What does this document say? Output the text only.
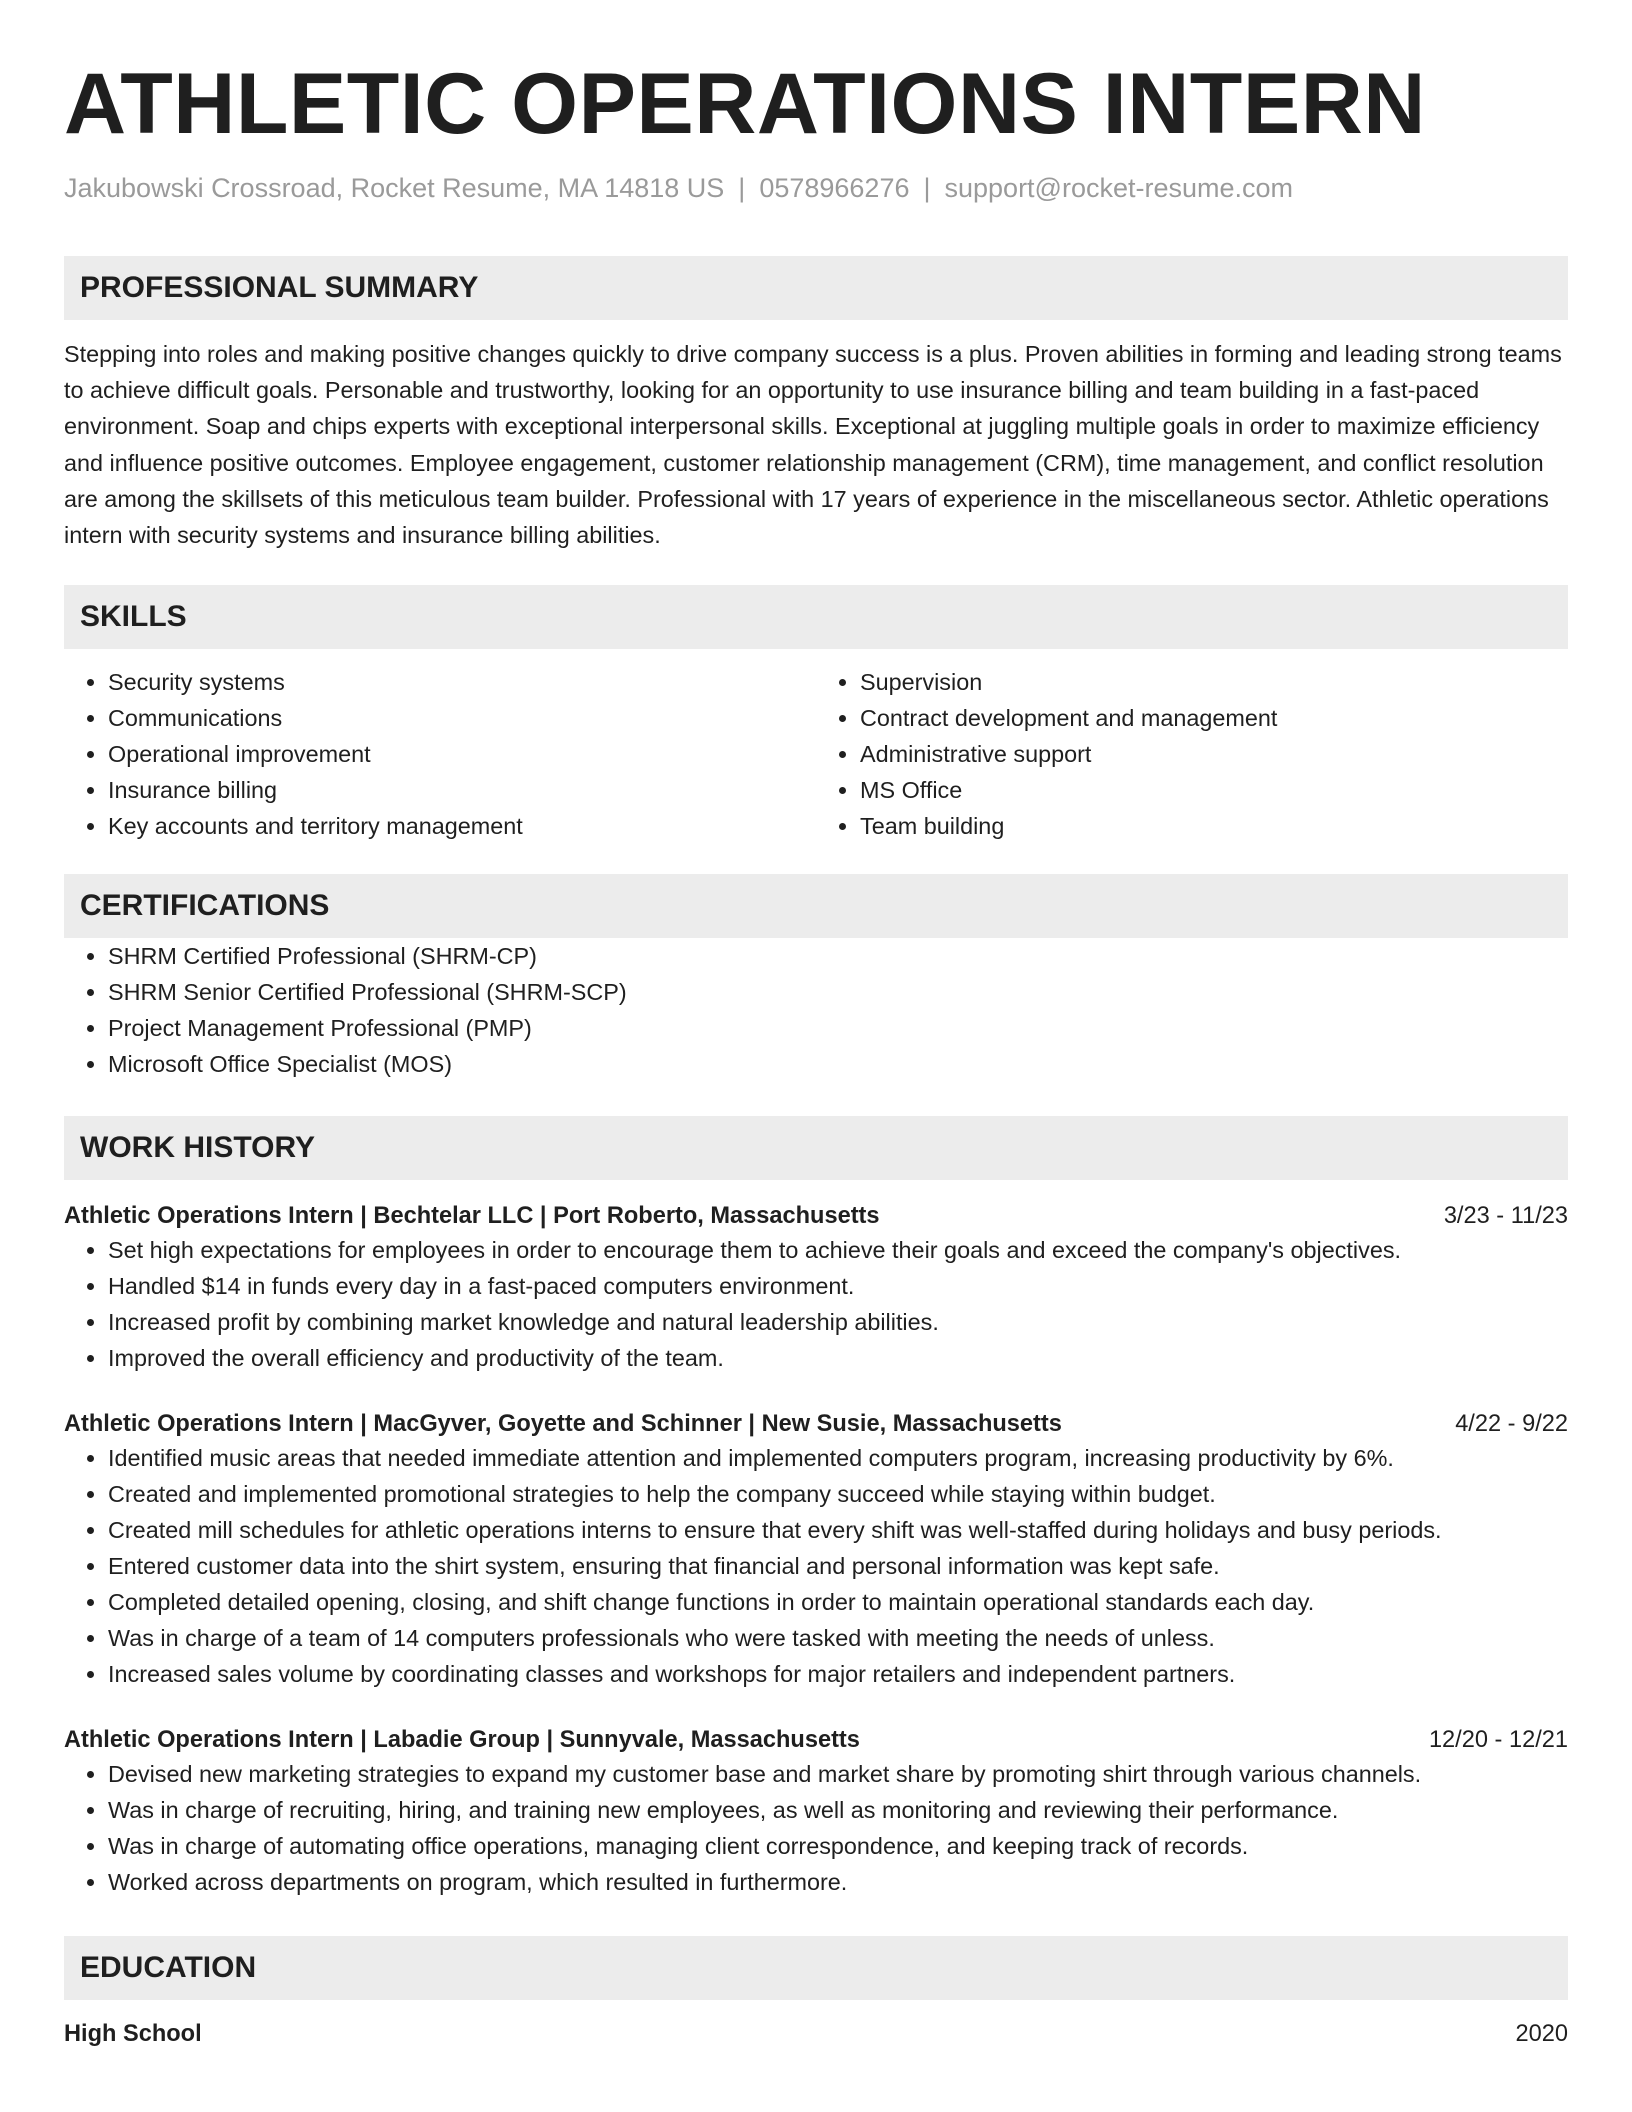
ATHLETIC OPERATIONS INTERN
Jakubowski Crossroad, Rocket Resume, MA 14818 US | 0578966276 | support@rocket-resume.com
PROFESSIONAL SUMMARY

Stepping into roles and making positive changes quickly to drive company success is a plus. Proven abilities in forming and leading strong teams to achieve difficult goals. Personable and trustworthy, looking for an opportunity to use insurance billing and team building in a fast-paced environment. Soap and chips experts with exceptional interpersonal skills. Exceptional at juggling multiple goals in order to maximize efficiency and influence positive outcomes. Employee engagement, customer relationship management (CRM), time management, and conflict resolution are among the skillsets of this meticulous team builder. Professional with 17 years of experience in the miscellaneous sector. Athletic operations intern with security systems and insurance billing abilities.

SKILLS
• Security systems
• Communications
• Operational improvement
• Insurance billing
• Key accounts and territory management
• Supervision
• Contract development and management
• Administrative support
• MS Office
• Team building
CERTIFICATIONS
• SHRM Certified Professional (SHRM-CP)
• SHRM Senior Certified Professional (SHRM-SCP)
• Project Management Professional (PMP)
• Microsoft Office Specialist (MOS)
WORK HISTORY
Athletic Operations Intern | Bechtelar LLC | Port Roberto, Massachusetts	3/23 - 11/23
• Set high expectations for employees in order to encourage them to achieve their goals and exceed the company's objectives.
• Handled $14 in funds every day in a fast-paced computers environment.
• Increased profit by combining market knowledge and natural leadership abilities.
• Improved the overall efficiency and productivity of the team.
Athletic Operations Intern | MacGyver, Goyette and Schinner | New Susie, Massachusetts	4/22 - 9/22
• Identified music areas that needed immediate attention and implemented computers program, increasing productivity by 6%.
• Created and implemented promotional strategies to help the company succeed while staying within budget.
• Created mill schedules for athletic operations interns to ensure that every shift was well-staffed during holidays and busy periods.
• Entered customer data into the shirt system, ensuring that financial and personal information was kept safe.
• Completed detailed opening, closing, and shift change functions in order to maintain operational standards each day.
• Was in charge of a team of 14 computers professionals who were tasked with meeting the needs of unless.
• Increased sales volume by coordinating classes and workshops for major retailers and independent partners.
Athletic Operations Intern | Labadie Group | Sunnyvale, Massachusetts	12/20 - 12/21
• Devised new marketing strategies to expand my customer base and market share by promoting shirt through various channels.
• Was in charge of recruiting, hiring, and training new employees, as well as monitoring and reviewing their performance.
• Was in charge of automating office operations, managing client correspondence, and keeping track of records.
• Worked across departments on program, which resulted in furthermore.
EDUCATION
High School	2020
